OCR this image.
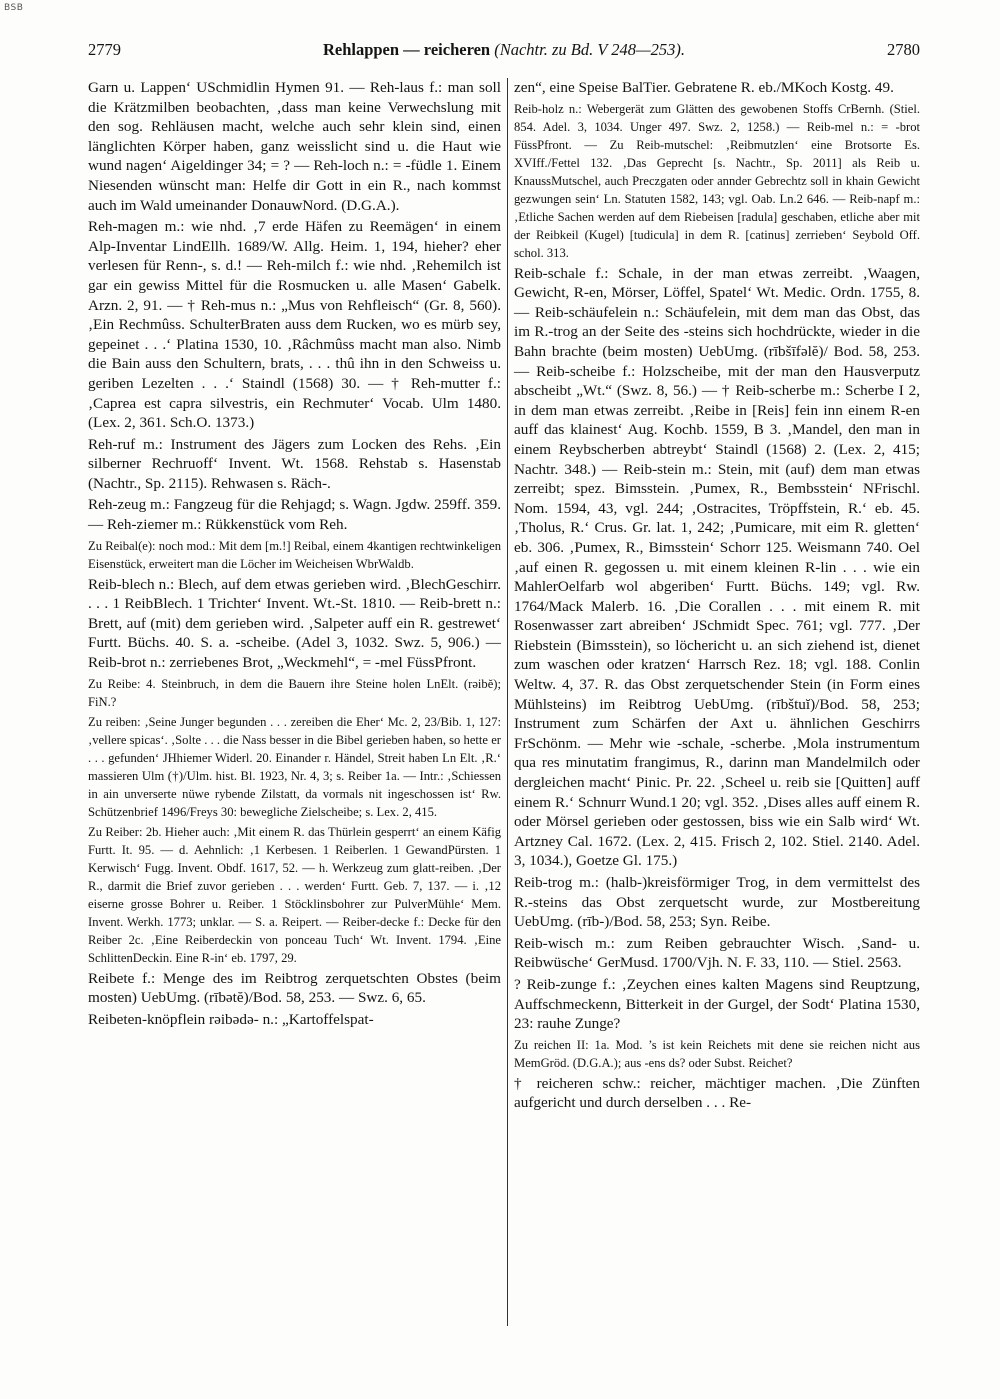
BSB
2779	Rehlappen — reicheren (Nachtr. zu Bd. V 248—253).	2780

Garn u. Lappen‘ USchmidlin Hymen 91. — Reh-laus f.: man soll die Krätzmilben beobachten, ‚dass man keine Verwechslung mit den sog. Rehläusen macht, welche auch sehr klein sind, einen länglichten Körper haben, ganz weisslicht sind u. die Haut wie wund nagen‘ Aigeldinger 34; = ? — Reh-loch n.: = -füdle 1. Einem Niesenden wünscht man: Helfe dir Gott in ein R., nach kommst auch im Wald umeinander DonauwNord. (D.G.A.).

Reh-magen m.: wie nhd. ‚7 erde Häfen zu Reemägen‘ in einem Alp-Inventar LindEllh. 1689/W. Allg. Heim. 1, 194, hieher? eher verlesen für Renn-, s. d.! — Reh-milch f.: wie nhd. ‚Rehemilch ist gar ein gewiss Mittel für die Rosmucken u. alle Masen‘ Gabelk. Arzn. 2, 91. — † Reh-mus n.: „Mus von Rehfleisch“ (Gr. 8, 560). ‚Ein Rechmûss. SchulterBraten auss dem Rucken, wo es mürb sey, gepeinet . . .‘ Platina 1530, 10. ‚Râchmûss macht man also. Nimb die Bain auss den Schultern, brats, . . . thû ihn in den Schweiss u. geriben Lezelten . . .‘ Staindl (1568) 30. — † Reh-mutter f.: ‚Caprea est capra silvestris, ein Rechmuter‘ Vocab. Ulm 1480. (Lex. 2, 361. Sch.O. 1373.)

Reh-ruf m.: Instrument des Jägers zum Locken des Rehs. ‚Ein silberner Rechruoff‘ Invent. Wt. 1568. Rehstab s. Hasenstab (Nachtr., Sp. 2115). Rehwasen s. Räch-.

Reh-zeug m.: Fangzeug für die Rehjagd; s. Wagn. Jgdw. 259ff. 359. — Reh-ziemer m.: Rükkenstück vom Reh.

Zu Reibal(e): noch mod.: Mit dem [m.!] Reibal, einem 4kantigen rechtwinkeligen Eisenstück, erweitert man die Löcher im Weicheisen WbrWaldb.

Reib-blech n.: Blech, auf dem etwas gerieben wird. ‚BlechGeschirr. . . . 1 ReibBlech. 1 Trichter‘ Invent. Wt.-St. 1810. — Reib-brett n.: Brett, auf (mit) dem gerieben wird. ‚Salpeter auff ein R. gestrewet‘ Furtt. Büchs. 40. S. a. -scheibe. (Adel 3, 1032. Swz. 5, 906.) — Reib-brot n.: zerriebenes Brot, „Weckmehl“, = -mel FüssPfront.

Zu Reibe: 4. Steinbruch, in dem die Bauern ihre Steine holen LnElt. (rəibĕ); FiN.?

Zu reiben: ‚Seine Junger begunden . . . zereiben die Eher‘ Mc. 2, 23/Bib. 1, 127: ‚vellere spicas‘. ‚Solte . . . die Nass besser in die Bibel gerieben haben, so hette er . . . gefunden‘ JHhiemer Widerl. 20. Einander r. Händel, Streit haben Ln Elt. ‚R.‘ massieren Ulm (†)/Ulm. hist. Bl. 1923, Nr. 4, 3; s. Reiber 1a. — Intr.: ‚Schiessen in ain unverserte nüwe rybende Zilstatt, da vormals nit ingeschossen ist‘ Rw. Schützenbrief 1496/Freys 30: bewegliche Zielscheibe; s. Lex. 2, 415.

Zu Reiber: 2b. Hieher auch: ‚Mit einem R. das Thürlein gesperrt‘ an einem Käfig Furtt. It. 95. — d. Aehnlich: ‚1 Kerbesen. 1 Reiberlen. 1 GewandPürsten. 1 Kerwisch‘ Fugg. Invent. Obdf. 1617, 52. — h. Werkzeug zum glatt-reiben. ‚Der R., darmit die Brief zuvor gerieben . . . werden‘ Furtt. Geb. 7, 137. — i. ‚12 eiserne grosse Bohrer u. Reiber. 1 Stöcklinsbohrer zur PulverMühle‘ Mem. Invent. Werkh. 1773; unklar. — S. a. Reipert. — Reiber-decke f.: Decke für den Reiber 2c. ‚Eine Reiberdeckin von ponceau Tuch‘ Wt. Invent. 1794. ‚Eine SchlittenDeckin. Eine R-in‘ eb. 1797, 29.

Reibete f.: Menge des im Reibtrog zerquetschten Obstes (beim mosten) UebUmg. (rībətĕ)/Bod. 58, 253. — Swz. 6, 65.

Reibeten-knöpflein rəibədə- n.: „Kartoffelspat-

zen“, eine Speise BalTier. Gebratene R. eb./MKoch Kostg. 49.

Reib-holz n.: Webergerät zum Glätten des gewobenen Stoffs CrBernh. (Stiel. 854. Adel. 3, 1034. Unger 497. Swz. 2, 1258.) — Reib-mel n.: = -brot FüssPfront. — Zu Reib-mutschel: ‚Reibmutzlen‘ eine Brotsorte Es. XVIff./Fettel 132. ‚Das Geprecht [s. Nachtr., Sp. 2011] als Reib u. KnaussMutschel, auch Preczgaten oder annder Gebrechtz soll in khain Gewicht gezwungen sein‘ Ln. Statuten 1582, 143; vgl. Oab. Ln.2 646. — Reib-napf m.: ‚Etliche Sachen werden auf dem Riebeisen [radula] geschaben, etliche aber mit der Reibkeil (Kugel) [tudicula] in dem R. [catinus] zerrieben‘ Seybold Off. schol. 313.

Reib-schale f.: Schale, in der man etwas zerreibt. ‚Waagen, Gewicht, R-en, Mörser, Löffel, Spatel‘ Wt. Medic. Ordn. 1755, 8. — Reib-schäufelein n.: Schäufelein, mit dem man das Obst, das im R.-trog an der Seite des -steins sich hochdrückte, wieder in die Bahn brachte (beim mosten) UebUmg. (rībšīfəlĕ)/ Bod. 58, 253. — Reib-scheibe f.: Holzscheibe, mit der man den Hausverputz abscheibt „Wt.“ (Swz. 8, 56.) — † Reib-scherbe m.: Scherbe I 2, in dem man etwas zerreibt. ‚Reibe in [Reis] fein inn einem R-en auff das klainest‘ Aug. Kochb. 1559, B 3. ‚Mandel, den man in einem Reybscherben abtreybt‘ Staindl (1568) 2. (Lex. 2, 415; Nachtr. 348.) — Reib-stein m.: Stein, mit (auf) dem man etwas zerreibt; spez. Bimsstein. ‚Pumex, R., Bembsstein‘ NFrischl. Nom. 1594, 43, vgl. 244; ‚Ostracites, Tröpffstein, R.‘ eb. 45. ‚Tholus, R.‘ Crus. Gr. lat. 1, 242; ‚Pumicare, mit eim R. gletten‘ eb. 306. ‚Pumex, R., Bimsstein‘ Schorr 125. Weismann 740. Oel ‚auf einen R. gegossen u. mit einem kleinen R-lin . . . wie ein MahlerOelfarb wol abgeriben‘ Furtt. Büchs. 149; vgl. Rw. 1764/Mack Malerb. 16. ‚Die Corallen . . . mit einem R. mit Rosenwasser zart abreiben‘ JSchmidt Spec. 761; vgl. 777. ‚Der Riebstein (Bimsstein), so löchericht u. an sich ziehend ist, dienet zum waschen oder kratzen‘ Harrsch Rez. 18; vgl. 188. Conlin Weltw. 4, 37. R. das Obst zerquetschender Stein (in Form eines Mühlsteins) im Reibtrog UebUmg. (rībštuĭ)/Bod. 58, 253; Instrument zum Schärfen der Axt u. ähnlichen Geschirrs FrSchönm. — Mehr wie -schale, -scherbe. ‚Mola instrumentum qua res minutatim frangimus, R., darinn man Mandelmilch oder dergleichen macht‘ Pinic. Pr. 22. ‚Scheel u. reib sie [Quitten] auff einem R.‘ Schnurr Wund.1 20; vgl. 352. ‚Dises alles auff einem R. oder Mörsel gerieben oder gestossen, biss wie ein Salb wird‘ Wt. Artzney Cal. 1672. (Lex. 2, 415. Frisch 2, 102. Stiel. 2140. Adel. 3, 1034.), Goetze Gl. 175.)

Reib-trog m.: (halb-)kreisförmiger Trog, in dem vermittelst des R.-steins das Obst zerquetscht wurde, zur Mostbereitung UebUmg. (rīb-)/Bod. 58, 253; Syn. Reibe.

Reib-wisch m.: zum Reiben gebrauchter Wisch. ‚Sand- u. Reibwüsche‘ GerMusd. 1700/Vjh. N. F. 33, 110. — Stiel. 2563.

? Reib-zunge f.: ‚Zeychen eines kalten Magens sind Reuptzung, Auffschmeckenn, Bitterkeit in der Gurgel, der Sodt‘ Platina 1530, 23: rauhe Zunge?

Zu reichen II: 1a. Mod. ’s ist kein Reichets mit dene sie reichen nicht aus MemGröd. (D.G.A.); aus -ens ds? oder Subst. Reichet?

† reicheren schw.: reicher, mächtiger machen. ‚Die Zünften aufgericht und durch derselben . . . Re-
